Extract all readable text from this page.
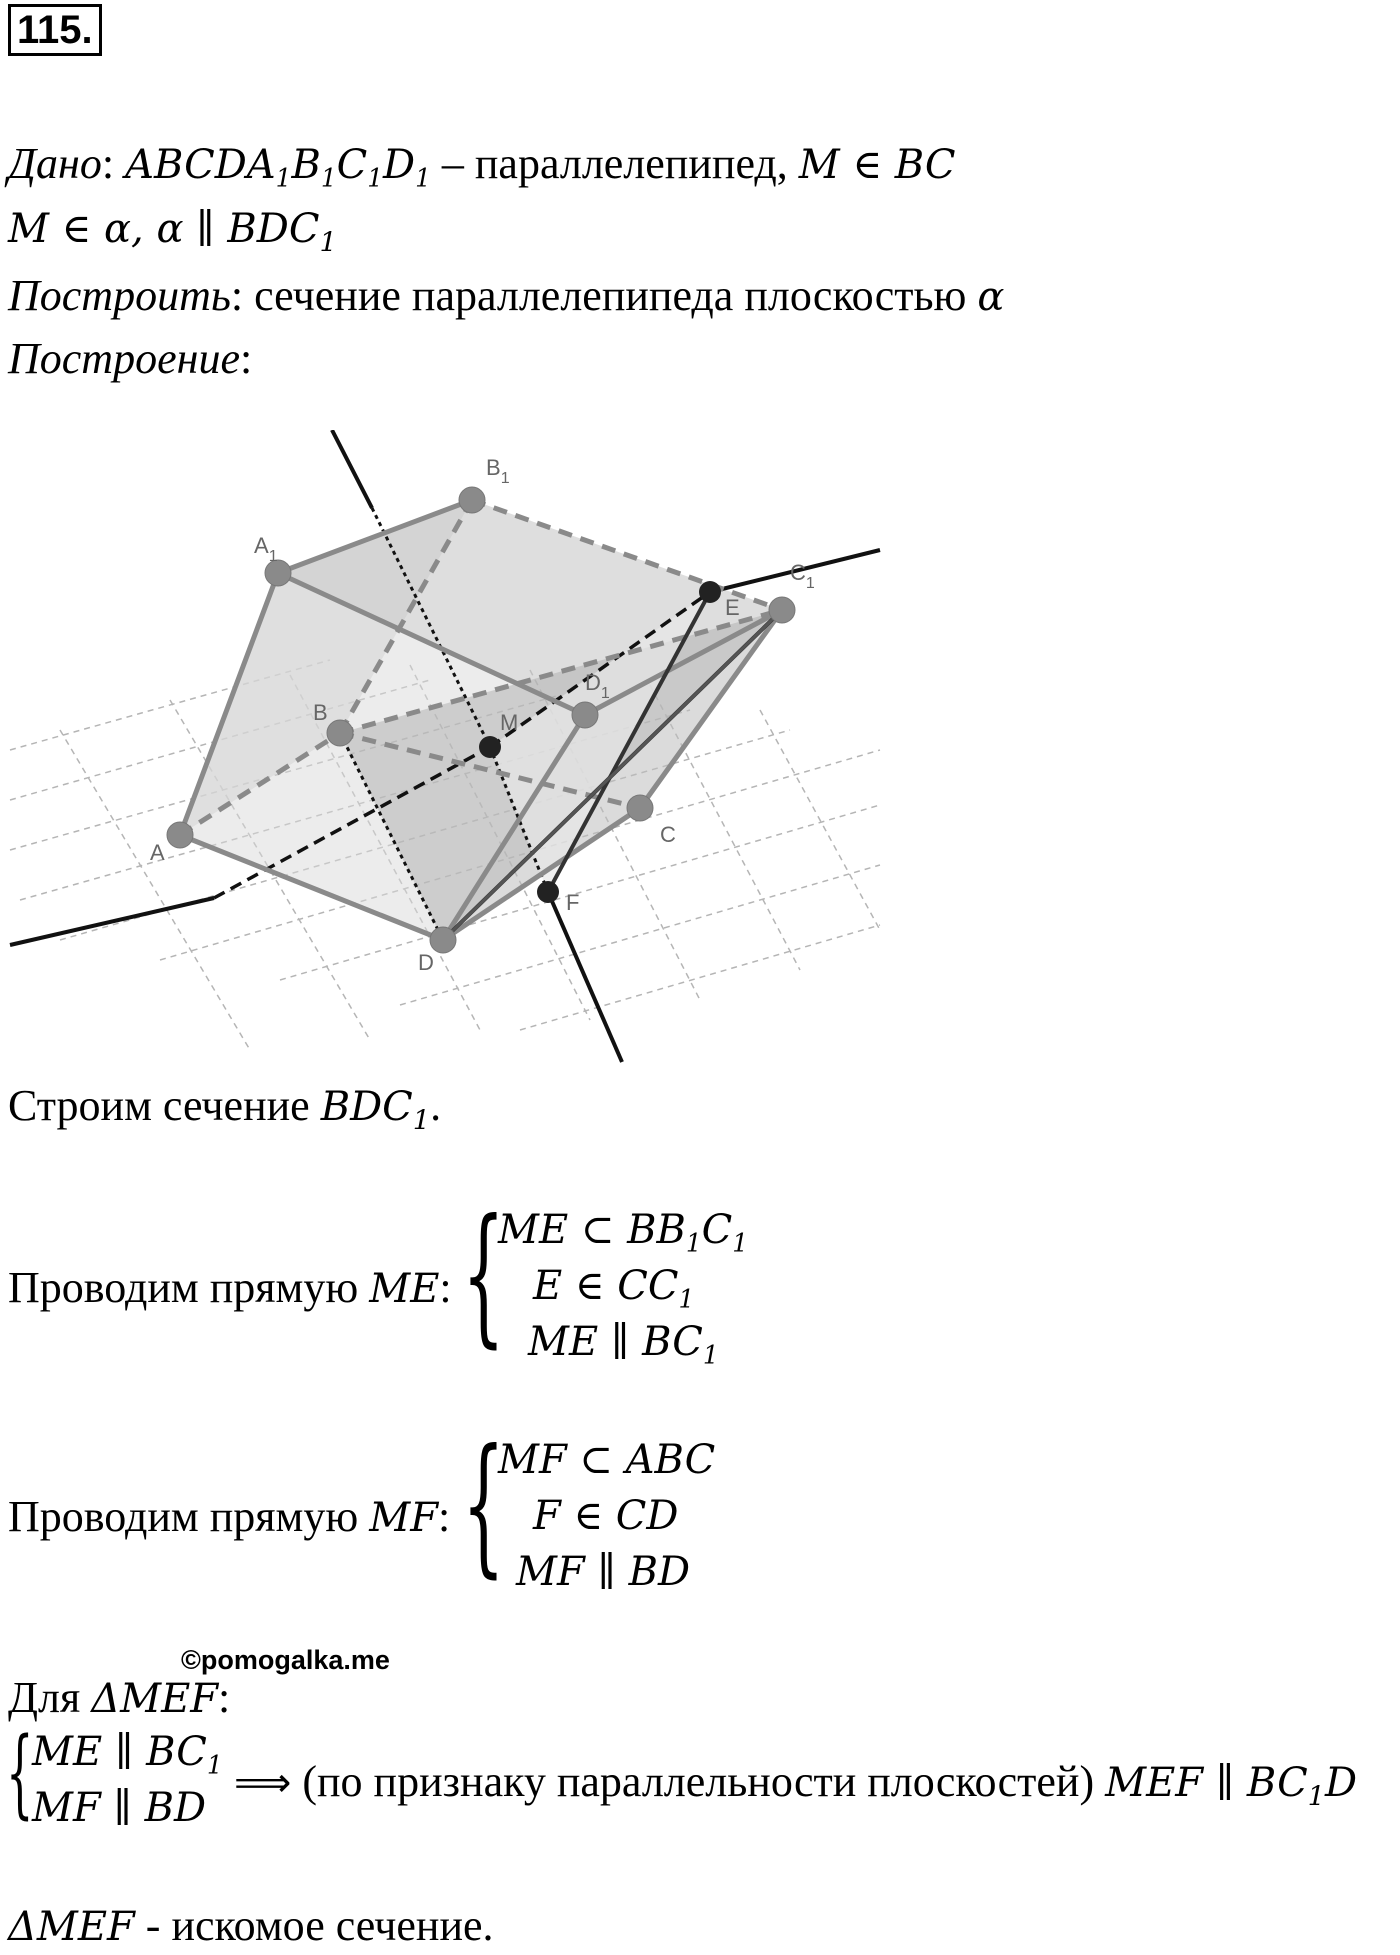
115.
Дано: $ABCDA_1B_1C_1D_1$ – параллелепипед, M ∈ BC
M ∈ α, α ∥ $BDC_1$
Построить: сечение параллелепипеда плоскостью α
Построение:
A
B
C
D
$A_1$
$B_1$
$C_1$
$D_1$
M
E
F
Строим сечение $BDC_1$.
Проводим прямую ME: {
ME ⊂ $BB_1C_1$
E ∈ $CC_1$
ME ∥ $BC_1$
Проводим прямую MF: {
MF ⊂ ABC
F ∈ CD
MF ∥ BD
©pomogalka.me
Для ΔMEF:
{
ME ∥ $BC_1$
MF ∥ BD
⟹ (по признаку параллельности плоскостей) MEF ∥ $BC_1D$
ΔMEF - искомое сечение.
